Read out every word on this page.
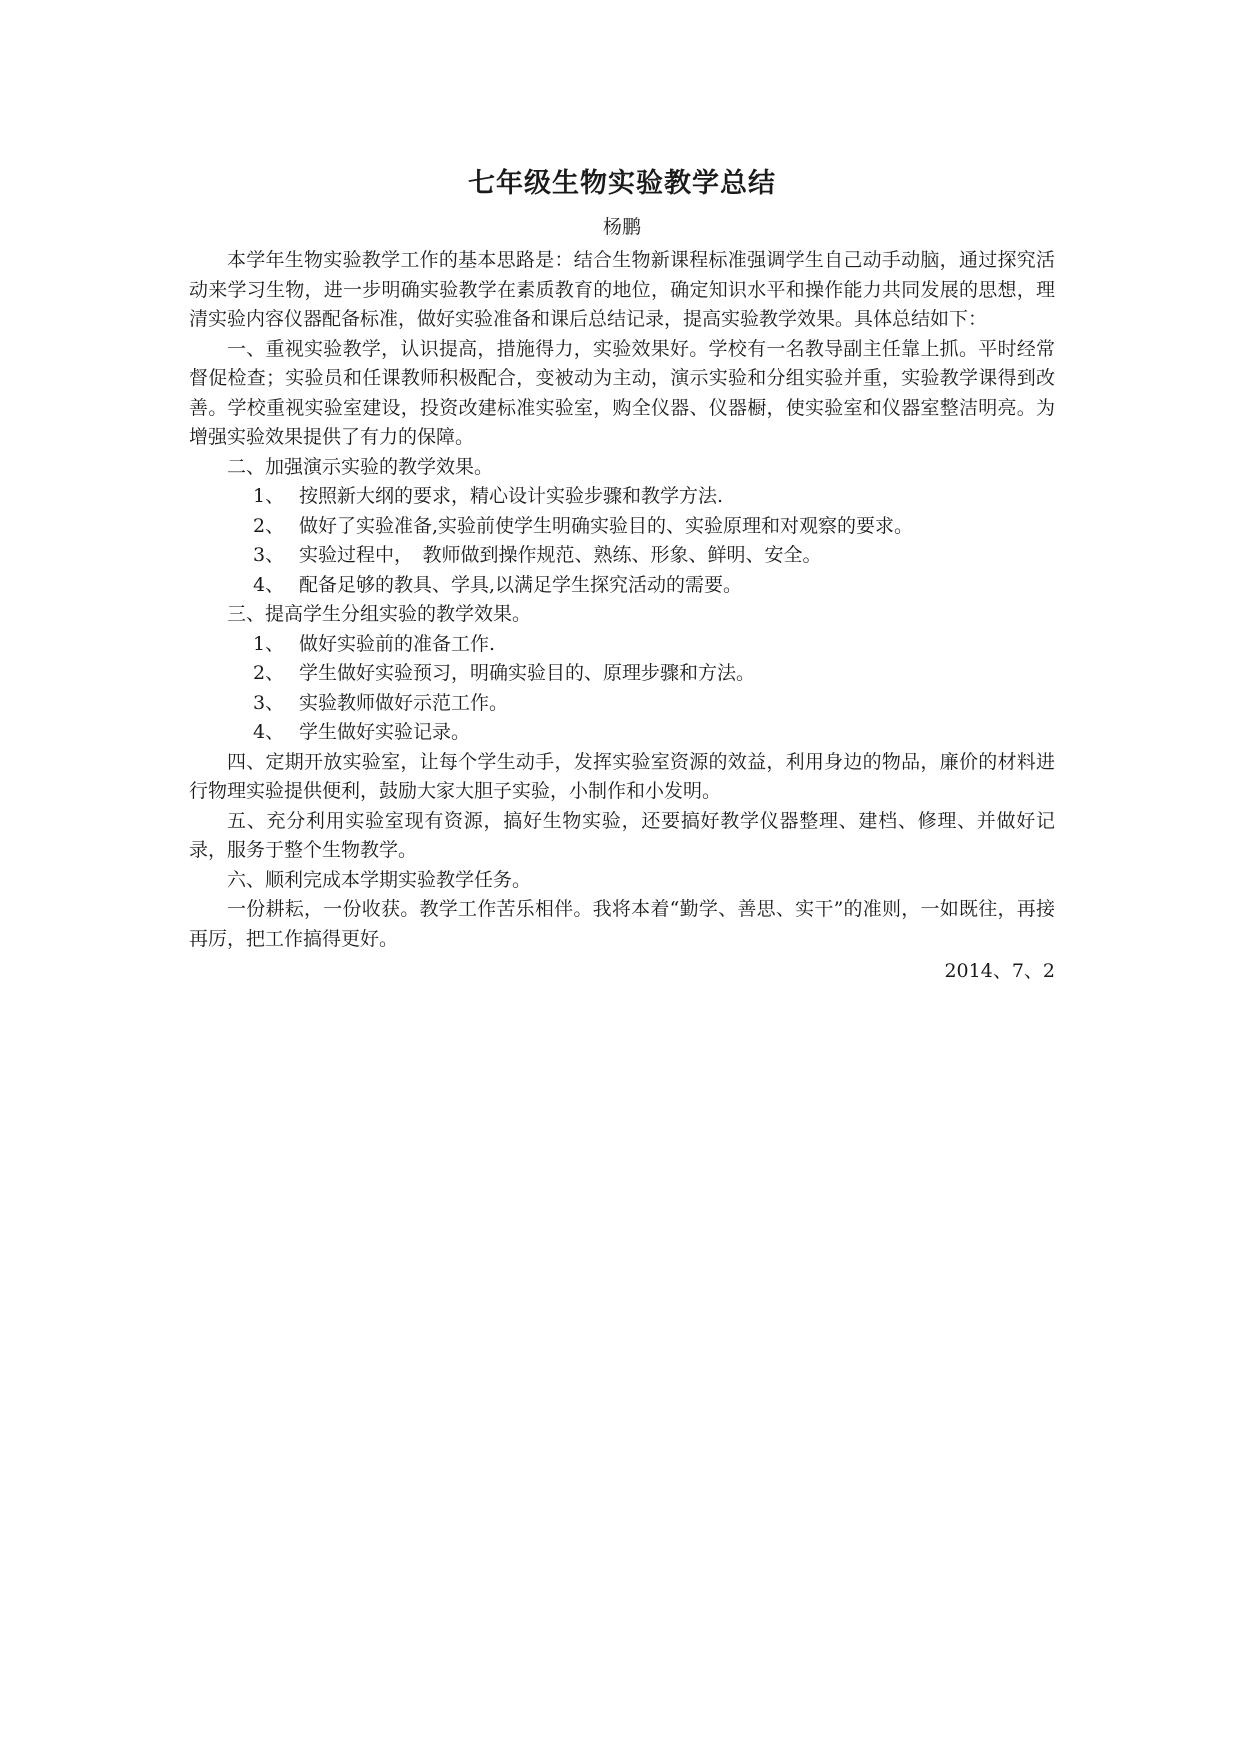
七年级生物实验教学总结

杨鹏

本学年生物实验教学工作的基本思路是：结合生物新课程标准强调学生自己动手动脑，通过探究活动来学习生物，进一步明确实验教学在素质教育的地位，确定知识水平和操作能力共同发展的思想，理清实验内容仪器配备标准，做好实验准备和课后总结记录，提高实验教学效果。具体总结如下：

一、重视实验教学，认识提高，措施得力，实验效果好。学校有一名教导副主任靠上抓。平时经常督促检查；实验员和任课教师积极配合，变被动为主动，演示实验和分组实验并重，实验教学课得到改善。学校重视实验室建设，投资改建标准实验室，购全仪器、仪器橱，使实验室和仪器室整洁明亮。为增强实验效果提供了有力的保障。

二、加强演示实验的教学效果。

1、 按照新大纲的要求，精心设计实验步骤和教学方法.

2、 做好了实验准备,实验前使学生明确实验目的、实验原理和对观察的要求。

3、 实验过程中，　教师做到操作规范、熟练、形象、鲜明、安全。

4、 配备足够的教具、学具,以满足学生探究活动的需要。

三、提高学生分组实验的教学效果。

1、 做好实验前的准备工作.

2、 学生做好实验预习，明确实验目的、原理步骤和方法。

3、 实验教师做好示范工作。

4、 学生做好实验记录。

四、定期开放实验室，让每个学生动手，发挥实验室资源的效益，利用身边的物品，廉价的材料进行物理实验提供便利，鼓励大家大胆子实验，小制作和小发明。

五、充分利用实验室现有资源，搞好生物实验，还要搞好教学仪器整理、建档、修理、并做好记录，服务于整个生物教学。

六、顺利完成本学期实验教学任务。

一份耕耘，一份收获。教学工作苦乐相伴。我将本着“勤学、善思、实干”的准则，一如既往，再接再厉，把工作搞得更好。

2014、7、2
